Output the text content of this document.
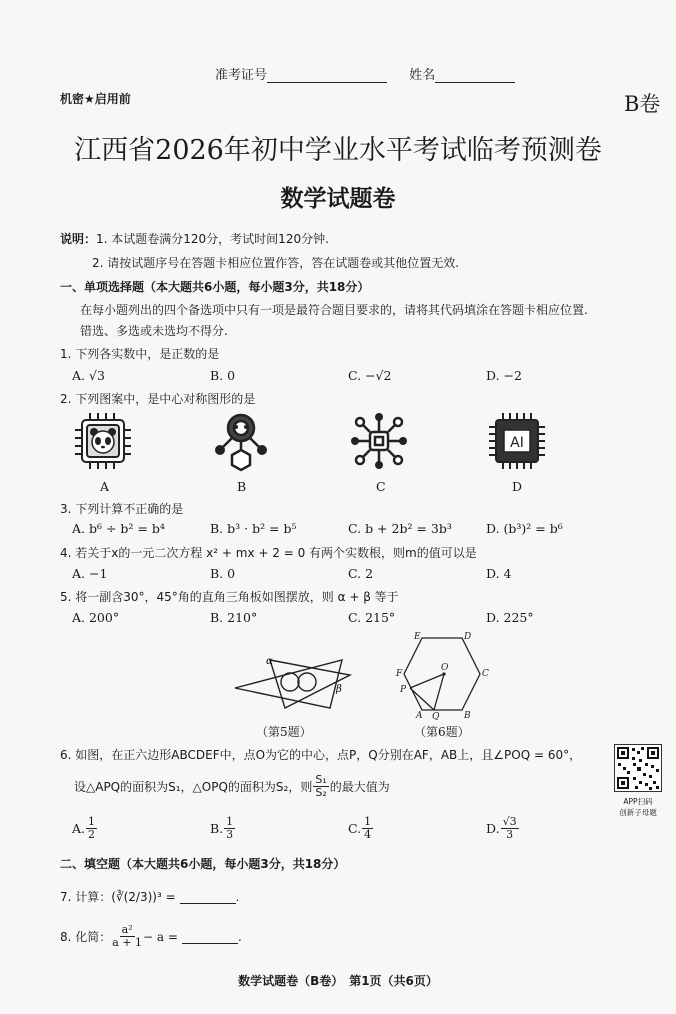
准考证号	姓名
机密★启用前	B卷
江西省2026年初中学业水平考试临考预测卷
数学试题卷
说明：1. 本试题卷满分120分，考试时间120分钟.
2. 请按试题序号在答题卡相应位置作答，答在试题卷或其他位置无效.
一、单项选择题（本大题共6小题，每小题3分，共18分）
在每小题列出的四个备选项中只有一项是最符合题目要求的，请将其代码填涂在答题卡相应位置.
错选、多选或未选均不得分.
1. 下列各实数中，是正数的是
A. √3	B. 0	C. −√2	D. −2
2. 下列图案中，是中心对称图形的是
AI
A	B	C	D
3. 下列计算不正确的是
A. b⁶ ÷ b² = b⁴	B. b³ · b² = b⁵	C. b + 2b² = 3b³	D. (b³)² = b⁶
4. 若关于x的一元二次方程 x² + mx + 2 = 0 有两个实数根，则m的值可以是
A. −1	B. 0	C. 2	D. 4
5. 将一副含30°，45°角的直角三角板如图摆放，则 α + β 等于
A. 200°	B. 210°	C. 215°	D. 225°
α
β
（第5题）
E	D
F
O
C
P
A Q	B
（第6题）
6. 如图，在正六边形ABCDEF中，点O为它的中心，点P，Q分别在AF，AB上，且∠POQ = 60°，
设△APQ的面积为S₁，△OPQ的面积为S₂，则 $\frac{\text{S₁}}{\text{S₂}}$ 的最大值为
APP扫码
创新子母题
A. $\frac{1}{2}$	B. $\frac{1}{3}$	C. $\frac{1}{4}$	D. $\frac{√3}{3}$
二、填空题（本大题共6小题，每小题3分，共18分）
7. 计算：(∛(2/3))³ =	.
8. 化简： $\frac{\text{a²}}{a + 1} - a$ =	.
数学试题卷（B卷）　第1页（共6页）
